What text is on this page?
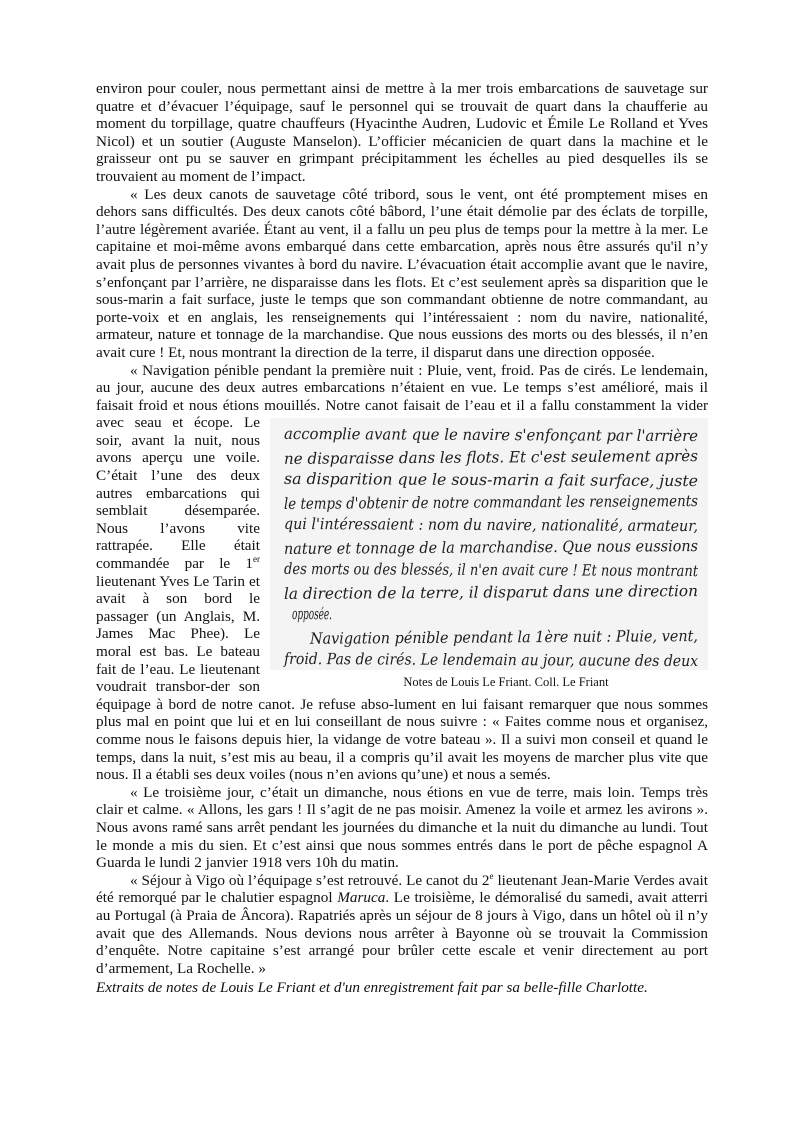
environ pour couler, nous permettant ainsi de mettre à la mer trois embarcations de sauvetage sur quatre et d’évacuer l’équipage, sauf le personnel qui se trouvait de quart dans la chaufferie au moment du torpillage, quatre chauffeurs (Hyacinthe Audren, Ludovic et Émile Le Rolland et Yves Nicol) et un soutier (Auguste Manselon). L’officier mécanicien de quart dans la machine et le graisseur ont pu se sauver en grimpant précipitamment les échelles au pied desquelles ils se trouvaient au moment de l’impact.

« Les deux canots de sauvetage côté tribord, sous le vent, ont été promptement mises en dehors sans difficultés. Des deux canots côté bâbord, l’une était démolie par des éclats de torpille, l’autre légèrement avariée. Étant au vent, il a fallu un peu plus de temps pour la mettre à la mer. Le capitaine et moi-même avons embarqué dans cette embarcation, après nous être assurés qu'il n’y avait plus de personnes vivantes à bord du navire. L’évacuation était accomplie avant que le navire, s’enfonçant par l’arrière, ne disparaisse dans les flots. Et c’est seulement après sa disparition que le sous-marin a fait surface, juste le temps que son commandant obtienne de notre commandant, au porte-voix et en anglais, les renseignements qui l’intéressaient : nom du navire, nationalité, armateur, nature et tonnage de la marchandise. Que nous eussions des morts ou des blessés, il n’en avait cure ! Et, nous montrant la direction de la terre, il disparut dans une direction opposée.

« Navigation pénible pendant la première nuit : Pluie, vent, froid. Pas de cirés. Le lendemain, au jour, aucune des deux autres embarcations n’étaient en vue. Le temps s’est amélioré, mais il faisait froid et nous étions mouillés. Notre canot faisait de l’eau et il a fallu
accomplie avant que le navire s'enfonçant par l'arrière
ne disparaisse dans les flots. Et c'est seulement après
sa disparition que le sous-marin a fait surface, juste
le temps d'obtenir de notre commandant les renseignements
qui l'intéressaient : nom du navire, nationalité, armateur,
nature et tonnage de la marchandise. Que nous eussions
des morts ou des blessés, il n'en avait cure ! Et nous montrant
la direction de la terre, il disparut dans une direction
opposée.
Navigation pénible pendant la 1ère nuit : Pluie, vent,
froid. Pas de cirés. Le lendemain au jour, aucune des deux
Notes de Louis Le Friant. Coll. Le Friant
constamment la vider avec seau et écope. Le soir, avant la nuit, nous avons aperçu une voile. C’était l’une des deux autres embarcations qui semblait désemparée. Nous l’avons vite rattrapée. Elle était commandée par le 1er lieutenant Yves Le Tarin et avait à son bord le passager (un Anglais, M. James Mac Phee). Le moral est bas. Le bateau fait de l’eau. Le lieutenant voudrait transbor-der son équipage à bord de notre canot. Je refuse abso-lument en lui faisant remarquer que nous sommes plus mal en point que lui et en lui conseillant de nous suivre : « Faites comme nous et organisez, comme nous le faisons depuis hier, la vidange de votre bateau ». Il a suivi mon conseil et quand le temps, dans la nuit, s’est mis au beau, il a compris qu’il avait les moyens de marcher plus vite que nous. Il a établi ses deux voiles (nous n’en avions qu’une) et nous a semés.

« Le troisième jour, c’était un dimanche, nous étions en vue de terre, mais loin. Temps très clair et calme. « Allons, les gars ! Il s’agit de ne pas moisir. Amenez la voile et armez les avirons ». Nous avons ramé sans arrêt pendant les journées du dimanche et la nuit du dimanche au lundi. Tout le monde a mis du sien. Et c’est ainsi que nous sommes entrés dans le port de pêche espagnol A Guarda le lundi 2 janvier 1918 vers 10h du matin.

« Séjour à Vigo où l’équipage s’est retrouvé. Le canot du 2e lieutenant Jean-Marie Verdes avait été remorqué par le chalutier espagnol Maruca. Le troisième, le démoralisé du samedi, avait atterri au Portugal (à Praia de Âncora). Rapatriés après un séjour de 8 jours à Vigo, dans un hôtel où il n’y avait que des Allemands. Nous devions nous arrêter à Bayonne où se trouvait la Commission d’enquête. Notre capitaine s’est arrangé pour brûler cette escale et venir directement au port d’armement, La Rochelle. »

Extraits de notes de Louis Le Friant et d'un enregistrement fait par sa belle-fille Charlotte.
